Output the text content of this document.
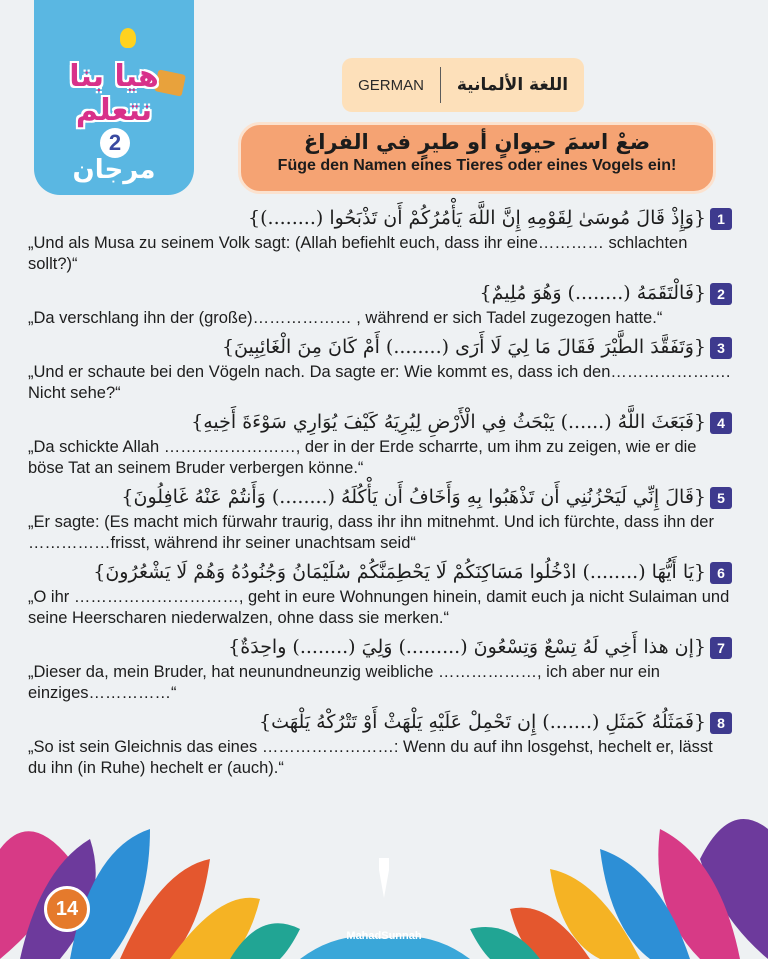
هيا بنا نتعلم
2
مرجان
GERMAN	اللغة الألمانية
ضعْ اسمَ حيوانٍ أو طيرٍ في الفراغ
Füge den Namen eines Tieres oder eines Vogels ein!
1{وَإِذْ قَالَ مُوسَىٰ لِقَوْمِهِ إِنَّ اللَّهَ يَأْمُرُكُمْ أَن تَذْبَحُوا (........)}
„Und als Musa zu seinem Volk sagt: (Allah befiehlt euch, dass ihr eine………… schlachten sollt?)“
2{فَالْتَقَمَهُ (........) وَهُوَ مُلِيمٌ}
„Da verschlang ihn der (große)……………… , während er sich Tadel zugezogen hatte.“
3{وَتَفَقَّدَ الطَّيْرَ فَقَالَ مَا لِيَ لَا أَرَى (........) أَمْ كَانَ مِنَ الْغَائِبِينَ}
„Und er schaute bei den Vögeln nach. Da sagte er: Wie kommt es, dass ich den…………………. Nicht sehe?“
4{فَبَعَثَ اللَّهُ (......) يَبْحَثُ فِي الْأَرْضِ لِيُرِيَهُ كَيْفَ يُوَارِي سَوْءَةَ أَخِيهِ}
„Da schickte Allah ……………………, der in der Erde scharrte, um ihm zu zeigen, wie er die böse Tat an seinem Bruder verbergen könne.“
5{قَالَ إِنِّي لَيَحْزُنُنِي أَن تَذْهَبُوا بِهِ وَأَخَافُ أَن يَأْكُلَهُ (........) وَأَنتُمْ عَنْهُ غَافِلُونَ}
„Er sagte: (Es macht mich fürwahr traurig, dass ihr ihn mitnehmt. Und ich fürchte, dass ihn der ……………frisst, während ihr seiner unachtsam seid“
6{يَا أَيُّهَا (........) ادْخُلُوا مَسَاكِنَكُمْ لَا يَحْطِمَنَّكُمْ سُلَيْمَانُ وَجُنُودُهُ وَهُمْ لَا يَشْعُرُونَ}
„O ihr …………………………, geht in eure Wohnungen hinein, damit euch ja nicht Sulaiman und seine Heerscharen niederwalzen, ohne dass sie merken.“
7{إن هذا أَخِي لَهُ تِسْعٌ وَتِسْعُونَ (.........) وَلِيَ (........) واحِدَةٌ}
„Dieser da, mein Bruder, hat neunundneunzig weibliche ………………, ich aber nur ein einziges……………“
8{فَمَثَلُهُ كَمَثَلِ (.......) إِن تَحْمِلْ عَلَيْهِ يَلْهَثْ أَوْ تَتْرُكْهُ يَلْهَث}
„So ist sein Gleichnis das eines ……………………: Wenn du auf ihn losgehst, hechelt er, lässt du ihn (in Ruhe) hechelt er (auch).“
14
MahadSunnah
